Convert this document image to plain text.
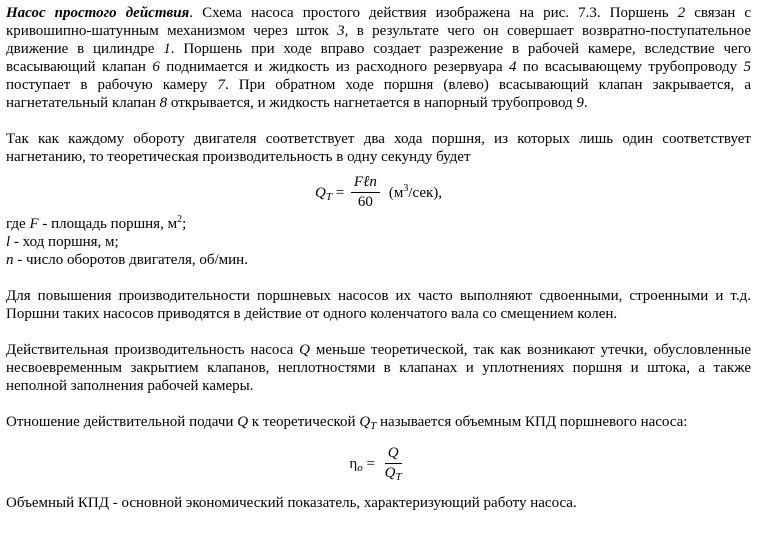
Насос простого действия. Схема насоса простого действия изображена на рис. 7.3. Поршень 2 связан с кривошипно-шатунным механизмом через шток 3, в результате чего он совершает возвратно-поступательное движение в цилиндре 1. Поршень при ходе вправо создает разрежение в рабочей камере, вследствие чего всасывающий клапан 6 поднимается и жидкость из расходного резервуара 4 по всасывающему трубопроводу 5 поступает в рабочую камеру 7. При обратном ходе поршня (влево) всасывающий клапан закрывается, а нагнетательный клапан 8 открывается, и жидкость нагнетается в напорный трубопровод 9.

Так как каждому обороту двигателя соответствует два хода поршня, из которых лишь один соответствует нагнетанию, то теоретическая производительность в одну секунду будет

$Q_T = \frac{\text{Fℓn}}{60} (м^3/сек)$,

где F - площадь поршня, $м^2$;

l - ход поршня, м;

n - число оборотов двигателя, об/мин.

Для повышения производительности поршневых насосов их часто выполняют сдвоенными, строенными и т.д. Поршни таких насосов приводятся в действие от одного коленчатого вала со смещением колен.

Действительная производительность насоса Q меньше теоретической, так как возникают утечки, обусловленные несвоевременным закрытием клапанов, неплотностями в клапанах и уплотнениях поршня и штока, а также неполной заполнения рабочей камеры.

Отношение действительной подачи Q к теоретической $Q_T$ называется объемным КПД поршневого насоса:

$\eta_o = \frac{Q}{Q_T}$

Объемный КПД - основной экономический показатель, характеризующий работу насоса.
